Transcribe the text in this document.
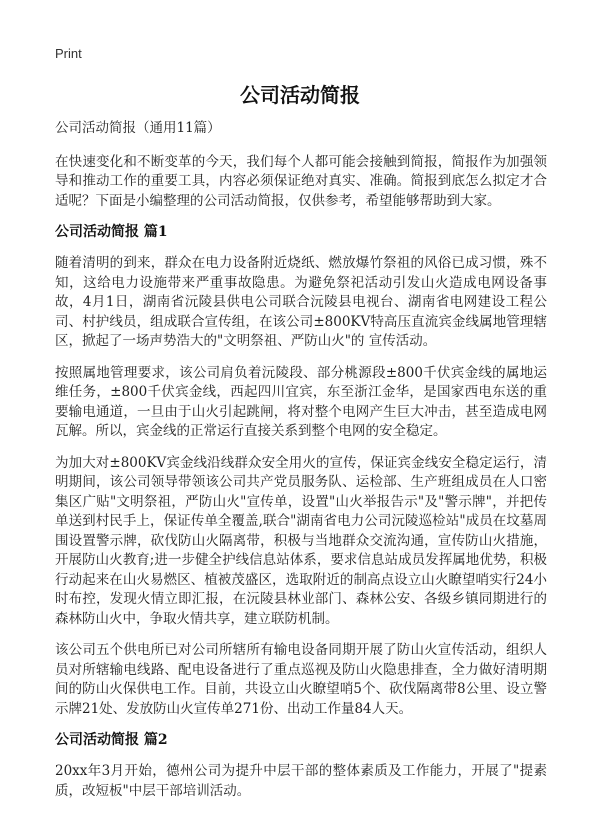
Print
公司活动简报

公司活动简报（通用11篇）

在快速变化和不断变革的今天，我们每个人都可能会接触到简报，简报作为加强领导和推动工作的重要工具，内容必须保证绝对真实、准确。简报到底怎么拟定才合适呢？下面是小编整理的公司活动简报，仅供参考，希望能够帮助到大家。

公司活动简报 篇1

随着清明的到来，群众在电力设备附近烧纸、燃放爆竹祭祖的风俗已成习惯，殊不知，这给电力设施带来严重事故隐患。为避免祭祀活动引发山火造成电网设备事故，4月1日，湖南省沅陵县供电公司联合沅陵县电视台、湖南省电网建设工程公司、村护线员，组成联合宣传组，在该公司±800KV特高压直流宾金线属地管理辖区，掀起了一场声势浩大的"文明祭祖、严防山火"的 宣传活动。

按照属地管理要求，该公司肩负着沅陵段、部分桃源段±800千伏宾金线的属地运维任务，±800千伏宾金线，西起四川宜宾，东至浙江金华，是国家西电东送的重要输电通道，一旦由于山火引起跳闸，将对整个电网产生巨大冲击，甚至造成电网瓦解。所以，宾金线的正常运行直接关系到整个电网的安全稳定。

为加大对±800KV宾金线沿线群众安全用火的宣传，保证宾金线安全稳定运行，清明期间，该公司领导带领该公司共产党员服务队、运检部、生产班组成员在人口密集区广贴"文明祭祖，严防山火"宣传单，设置"山火举报告示"及"警示牌"，并把传单送到村民手上，保证传单全覆盖,联合"湖南省电力公司沅陵巡检站"成员在坟墓周围设置警示牌，砍伐防山火隔离带，积极与当地群众交流沟通，宣传防山火措施，开展防山火教育;进一步健全护线信息站体系，要求信息站成员发挥属地优势，积极行动起来在山火易燃区、植被茂盛区，选取附近的制高点设立山火瞭望哨实行24小时布控，发现火情立即汇报，在沅陵县林业部门、森林公安、各级乡镇同期进行的森林防山火中，争取火情共享，建立联防机制。

该公司五个供电所已对公司所辖所有输电设备同期开展了防山火宣传活动，组织人员对所辖输电线路、配电设备进行了重点巡视及防山火隐患排查，全力做好清明期间的防山火保供电工作。目前，共设立山火瞭望哨5个、砍伐隔离带8公里、设立警示牌21处、发放防山火宣传单271份、出动工作量84人天。

公司活动简报 篇2

20xx年3月开始，德州公司为提升中层干部的整体素质及工作能力，开展了"提素质，改短板"中层干部培训活动。
